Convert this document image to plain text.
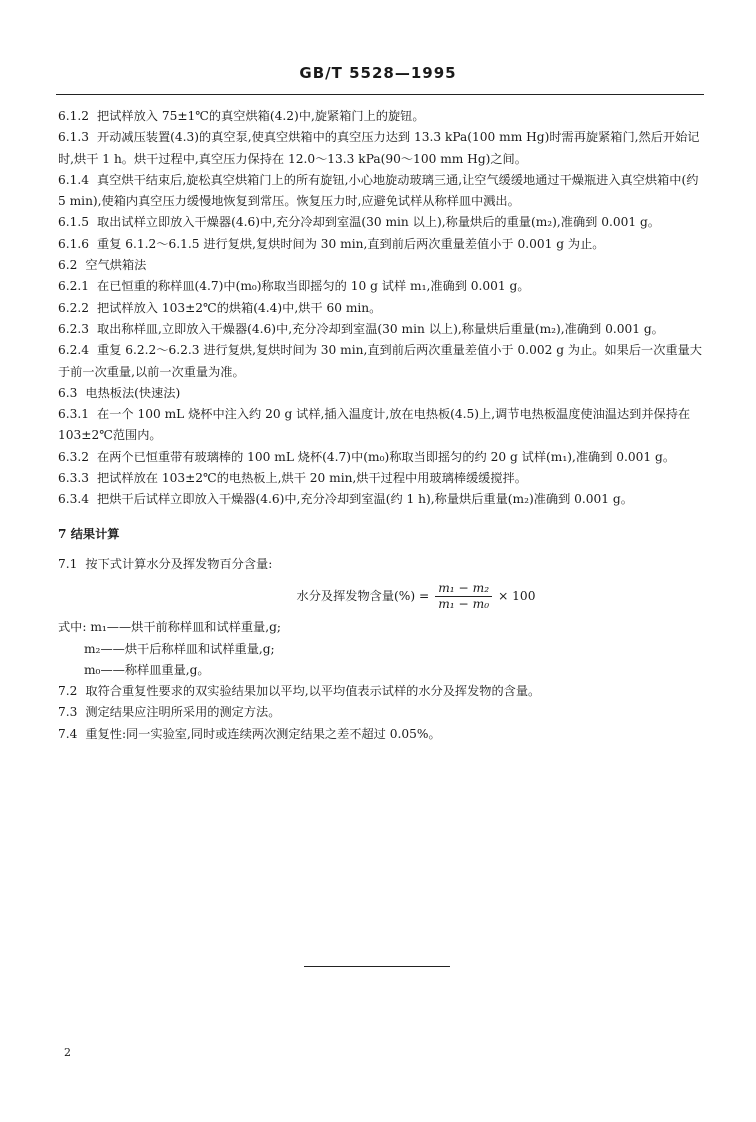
GB/T 5528—1995

6.1.2 把试样放入 75±1℃的真空烘箱(4.2)中,旋紧箱门上的旋钮。

6.1.3 开动减压装置(4.3)的真空泵,使真空烘箱中的真空压力达到 13.3 kPa(100 mm Hg)时需再旋紧箱门,然后开始记时,烘干 1 h。烘干过程中,真空压力保持在 12.0～13.3 kPa(90～100 mm Hg)之间。

6.1.4 真空烘干结束后,旋松真空烘箱门上的所有旋钮,小心地旋动玻璃三通,让空气缓缓地通过干燥瓶进入真空烘箱中(约 5 min),使箱内真空压力缓慢地恢复到常压。恢复压力时,应避免试样从称样皿中溅出。

6.1.5 取出试样立即放入干燥器(4.6)中,充分冷却到室温(30 min 以上),称量烘后的重量(m₂),准确到 0.001 g。

6.1.6 重复 6.1.2～6.1.5 进行复烘,复烘时间为 30 min,直到前后两次重量差值小于 0.001 g 为止。

6.2 空气烘箱法

6.2.1 在已恒重的称样皿(4.7)中(m₀)称取当即摇匀的 10 g 试样 m₁,准确到 0.001 g。

6.2.2 把试样放入 103±2℃的烘箱(4.4)中,烘干 60 min。

6.2.3 取出称样皿,立即放入干燥器(4.6)中,充分冷却到室温(30 min 以上),称量烘后重量(m₂),准确到 0.001 g。

6.2.4 重复 6.2.2～6.2.3 进行复烘,复烘时间为 30 min,直到前后两次重量差值小于 0.002 g 为止。如果后一次重量大于前一次重量,以前一次重量为准。

6.3 电热板法(快速法)

6.3.1 在一个 100 mL 烧杯中注入约 20 g 试样,插入温度计,放在电热板(4.5)上,调节电热板温度使油温达到并保持在 103±2℃范围内。

6.3.2 在两个已恒重带有玻璃棒的 100 mL 烧杯(4.7)中(m₀)称取当即摇匀的约 20 g 试样(m₁),准确到 0.001 g。

6.3.3 把试样放在 103±2℃的电热板上,烘干 20 min,烘干过程中用玻璃棒缓缓搅拌。

6.3.4 把烘干后试样立即放入干燥器(4.6)中,充分冷却到室温(约 1 h),称量烘后重量(m₂)准确到 0.001 g。

7 结果计算

7.1 按下式计算水分及挥发物百分含量:

水分及挥发物含量(%) = $\frac{\text{m₁ − m₂}}{\text{m₁ − m₀}} \times 100$

式中: m₁——烘干前称样皿和试样重量,g;

m₂——烘干后称样皿和试样重量,g;

m₀——称样皿重量,g。

7.2 取符合重复性要求的双实验结果加以平均,以平均值表示试样的水分及挥发物的含量。

7.3 测定结果应注明所采用的测定方法。

7.4 重复性:同一实验室,同时或连续两次测定结果之差不超过 0.05%。

2
